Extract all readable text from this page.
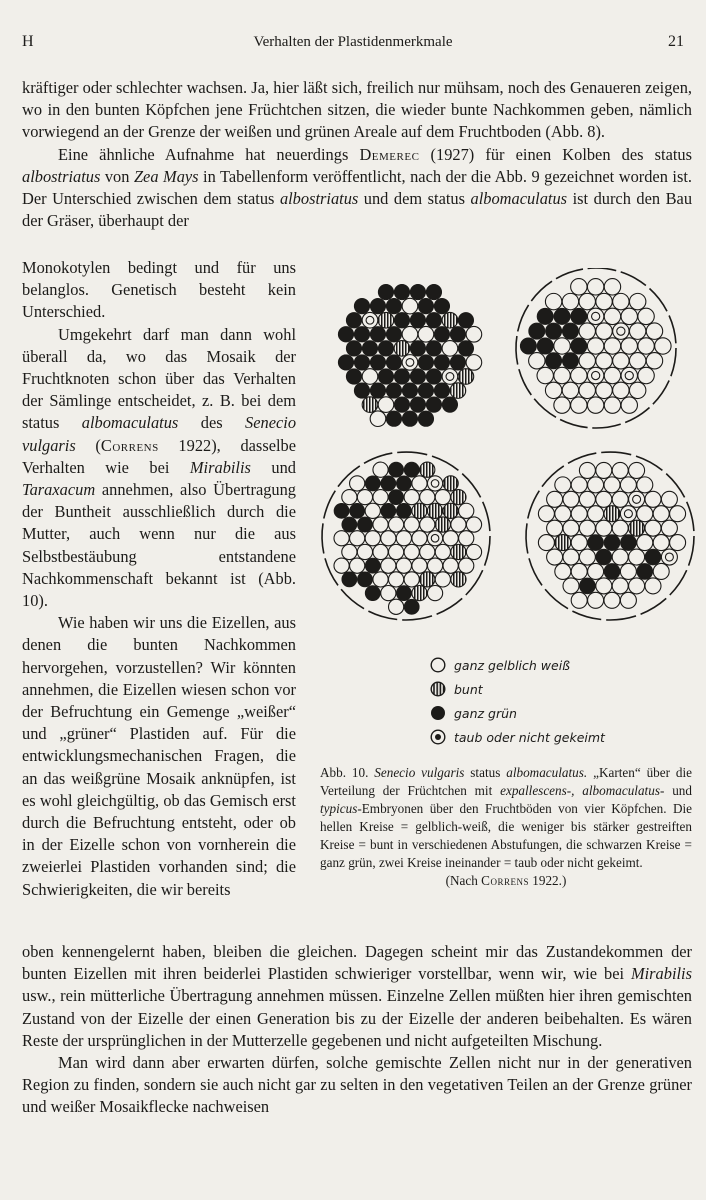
H	Verhalten der Plastidenmerkmale	21

kräftiger oder schlechter wachsen. Ja, hier läßt sich, freilich nur mühsam, noch des Genaueren zeigen, wo in den bunten Köpfchen jene Früchtchen sitzen, die wieder bunte Nachkommen geben, nämlich vorwiegend an der Grenze der weißen und grünen Areale auf dem Fruchtboden (Abb. 8).

Eine ähnliche Aufnahme hat neuerdings Demerec (1927) für einen Kolben des status albostriatus von Zea Mays in Tabellenform veröffentlicht, nach der die Abb. 9 gezeichnet worden ist. Der Unterschied zwischen dem status albostriatus und dem status albomaculatus ist durch den Bau der Gräser, überhaupt der

Monokotylen bedingt und für uns belanglos. Genetisch besteht kein Unterschied.

Umgekehrt darf man dann wohl überall da, wo das Mosaik der Fruchtknoten schon über das Verhalten der Sämlinge entscheidet, z. B. bei dem status albomaculatus des Senecio vulgaris (Correns 1922), dasselbe Verhalten wie bei Mirabilis und Taraxacum annehmen, also Übertragung der Buntheit ausschließlich durch die Mutter, auch wenn nur die aus Selbstbestäubung entstandene Nachkommenschaft bekannt ist (Abb. 10).

Wie haben wir uns die Eizellen, aus denen die bunten Nachkommen hervorgehen, vorzustellen? Wir könnten annehmen, die Eizellen wiesen schon vor der Befruchtung ein Gemenge „weißer“ und „grüner“ Plastiden auf. Für die entwicklungsmechanischen Fragen, die an das weißgrüne Mosaik anknüpfen, ist es wohl gleichgültig, ob das Gemisch erst durch die Befruchtung entsteht, oder ob in der Eizelle schon von vornherein die zweierlei Plastiden vorhanden sind; die Schwierigkeiten, die wir bereits

ganz gelblich weiß
bunt
ganz grün
taub oder nicht gekeimt

Abb. 10. Senecio vulgaris status albomaculatus. „Karten“ über die Verteilung der Früchtchen mit expallescens-, albomaculatus- und typicus-Embryonen über den Fruchtböden von vier Köpfchen. Die hellen Kreise = gelblich-weiß, die weniger bis stärker gestreiften Kreise = bunt in verschiedenen Abstufungen, die schwarzen Kreise = ganz grün, zwei Kreise ineinander = taub oder nicht gekeimt.

(Nach Correns 1922.)

oben kennengelernt haben, bleiben die gleichen. Dagegen scheint mir das Zustandekommen der bunten Eizellen mit ihren beiderlei Plastiden schwieriger vorstellbar, wenn wir, wie bei Mirabilis usw., rein mütterliche Übertragung annehmen müssen. Einzelne Zellen müßten hier ihren gemischten Zustand von der Eizelle der einen Generation bis zu der Eizelle der anderen beibehalten. Es wären Reste der ursprünglichen in der Mutterzelle gegebenen und nicht aufgeteilten Mischung.

Man wird dann aber erwarten dürfen, solche gemischte Zellen nicht nur in der generativen Region zu finden, sondern sie auch nicht gar zu selten in den vegetativen Teilen an der Grenze grüner und weißer Mosaikflecke nachweisen
